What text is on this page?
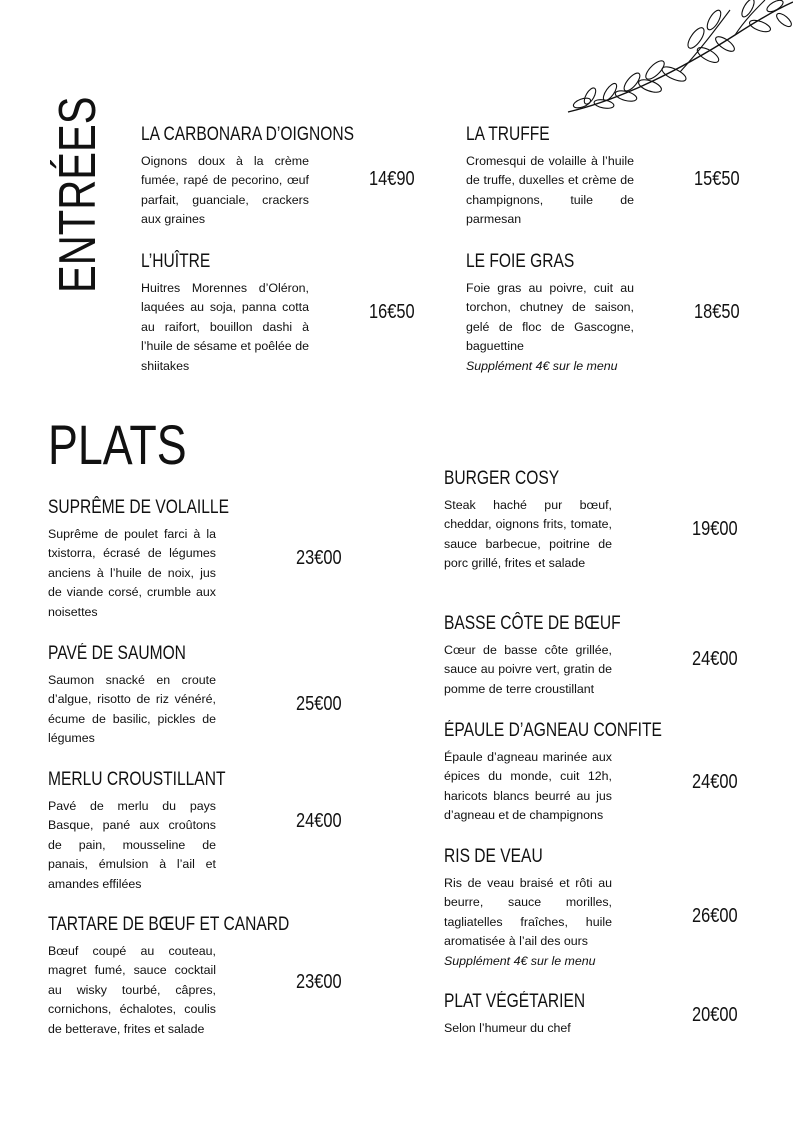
ENTRÉES LA CARBONARA D’OIGNONS

Oignons doux à la crème fumée, rapé de pecorino, œuf parfait, guanciale, crackers aux graines

14€90
L’HUÎTRE

Huitres Morennes d’Oléron, laquées au soja, panna cotta au raifort, bouillon dashi à l’huile de sésame et poêlée de shiitakes

16€50
LA TRUFFE

Cromesqui de volaille à l’huile de truffe, duxelles et crème de champignons, tuile de parmesan

15€50
LE FOIE GRAS

Foie gras au poivre, cuit au torchon, chutney de saison, gelé de floc de Gascogne, baguettine
Supplément 4€ sur le menu

18€50
PLATS
SUPRÊME DE VOLAILLE

Suprême de poulet farci à la txistorra, écrasé de légumes anciens à l’huile de noix, jus de viande corsé, crumble aux noisettes

23€00
PAVÉ DE SAUMON

Saumon snacké en croute d’algue, risotto de riz vénéré, écume de basilic, pickles de légumes

25€00
MERLU CROUSTILLANT

Pavé de merlu du pays Basque, pané aux croûtons de pain, mousseline de panais, émulsion à l’ail et amandes effilées

24€00
TARTARE DE BŒUF ET CANARD

Bœuf coupé au couteau, magret fumé, sauce cocktail au wisky tourbé, câpres, cornichons, échalotes, coulis de betterave, frites et salade

23€00
BURGER COSY

Steak haché pur bœuf, cheddar, oignons frits, tomate, sauce barbecue, poitrine de porc grillé, frites et salade

19€00
BASSE CÔTE DE BŒUF

Cœur de basse côte grillée, sauce au poivre vert, gratin de pomme de terre croustillant

24€00
ÉPAULE D’AGNEAU CONFITE

Épaule d’agneau marinée aux épices du monde, cuit 12h, haricots blancs beurré au jus d’agneau et de champignons

24€00
RIS DE VEAU

Ris de veau braisé et rôti au beurre, sauce morilles, tagliatelles fraîches, huile aromatisée à l’ail des ours
Supplément 4€ sur le menu

26€00
PLAT VÉGÉTARIEN

Selon l’humeur du chef

20€00
